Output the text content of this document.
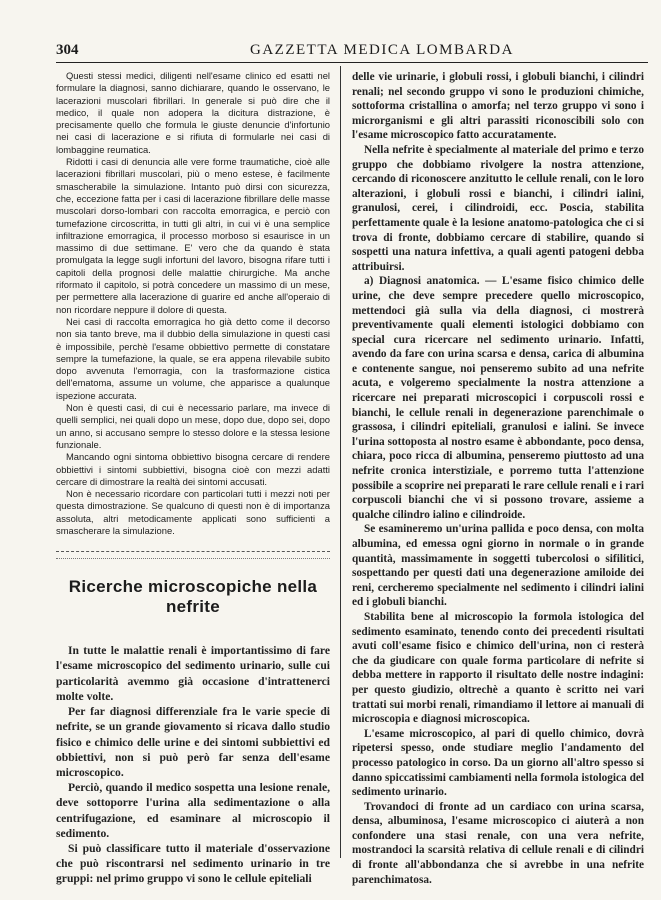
304	GAZZETTA MEDICA LOMBARDA

Questi stessi medici, diligenti nell'esame clinico ed esatti nel formulare la diagnosi, sanno dichiarare, quando le osservano, le lacerazioni muscolari fibrillari. In generale si può dire che il medico, il quale non adopera la dicitura distrazione, è precisamente quello che formula le giuste denuncie d'infortunio nei casi di lacerazione e si rifiuta di formularle nei casi di lombaggine reumatica.

Ridotti i casi di denuncia alle vere forme traumatiche, cioè alle lacerazioni fibrillari muscolari, più o meno estese, è facilmente smascherabile la simulazione. Intanto può dirsi con sicurezza, che, eccezione fatta per i casi di lacerazione fibrillare delle masse muscolari dorso-lombari con raccolta emorragica, e perciò con tumefazione circoscritta, in tutti gli altri, in cui vi è una semplice infiltrazione emorragica, il processo morboso si esaurisce in un massimo di due settimane. E' vero che da quando è stata promulgata la legge sugli infortuni del lavoro, bisogna rifare tutti i capitoli della prognosi delle malattie chirurgiche. Ma anche riformato il capitolo, si potrà concedere un massimo di un mese, per permettere alla lacerazione di guarire ed anche all'operaio di non ricordare neppure il dolore di questa.

Nei casi di raccolta emorragica ho già detto come il decorso non sia tanto breve, ma il dubbio della simulazione in questi casi è impossibile, perchè l'esame obbiettivo permette di constatare sempre la tumefazione, la quale, se era appena rilevabile subito dopo avvenuta l'emorragia, con la trasformazione cistica dell'ematoma, assume un volume, che apparisce a qualunque ispezione accurata.

Non è questi casi, di cui è necessario parlare, ma invece di quelli semplici, nei quali dopo un mese, dopo due, dopo sei, dopo un anno, si accusano sempre lo stesso dolore e la stessa lesione funzionale.

Mancando ogni sintoma obbiettivo bisogna cercare di rendere obbiettivi i sintomi subbiettivi, bisogna cioè con mezzi adatti cercare di dimostrare la realtà dei sintomi accusati.

Non è necessario ricordare con particolari tutti i mezzi noti per questa dimostrazione. Se qualcuno di questi non è di importanza assoluta, altri metodicamente applicati sono sufficienti a smascherare la simulazione.

Ricerche microscopiche nella nefrite

In tutte le malattie renali è importantissimo di fare l'esame microscopico del sedimento urinario, sulle cui particolarità avemmo già occasione d'intrattenerci molte volte.

Per far diagnosi differenziale fra le varie specie di nefrite, se un grande giovamento si ricava dallo studio fisico e chimico delle urine e dei sintomi subbiettivi ed obbiettivi, non si può però far senza dell'esame microscopico.

Perciò, quando il medico sospetta una lesione renale, deve sottoporre l'urina alla sedimentazione o alla centrifugazione, ed esaminare al microscopio il sedimento.

Si può classificare tutto il materiale d'osservazione che può riscontrarsi nel sedimento urinario in tre gruppi: nel primo gruppo vi sono le cellule epiteliali

delle vie urinarie, i globuli rossi, i globuli bianchi, i cilindri renali; nel secondo gruppo vi sono le produzioni chimiche, sottoforma cristallina o amorfa; nel terzo gruppo vi sono i microrganismi e gli altri parassiti riconoscibili solo con l'esame microscopico fatto accuratamente.

Nella nefrite è specialmente al materiale del primo e terzo gruppo che dobbiamo rivolgere la nostra attenzione, cercando di riconoscere anzitutto le cellule renali, con le loro alterazioni, i globuli rossi e bianchi, i cilindri ialini, granulosi, cerei, i cilindroidi, ecc. Poscia, stabilita perfettamente quale è la lesione anatomo-patologica che ci si trova di fronte, dobbiamo cercare di stabilire, quando si sospetti una natura infettiva, a quali agenti patogeni debba attribuirsi.

a) Diagnosi anatomica. — L'esame fisico chimico delle urine, che deve sempre precedere quello microscopico, mettendoci già sulla via della diagnosi, ci mostrerà preventivamente quali elementi istologici dobbiamo con special cura ricercare nel sedimento urinario. Infatti, avendo da fare con urina scarsa e densa, carica di albumina e contenente sangue, noi penseremo subito ad una nefrite acuta, e volgeremo specialmente la nostra attenzione a ricercare nei preparati microscopici i corpuscoli rossi e bianchi, le cellule renali in degenerazione parenchimale o grassosa, i cilindri epiteliali, granulosi e ialini. Se invece l'urina sottoposta al nostro esame è abbondante, poco densa, chiara, poco ricca di albumina, penseremo piuttosto ad una nefrite cronica interstiziale, e porremo tutta l'attenzione possibile a scoprire nei preparati le rare cellule renali e i rari corpuscoli bianchi che vi si possono trovare, assieme a qualche cilindro ialino e cilindroide.

Se esamineremo un'urina pallida e poco densa, con molta albumina, ed emessa ogni giorno in normale o in grande quantità, massimamente in soggetti tubercolosi o sifilitici, sospettando per questi dati una degenerazione amiloide dei reni, cercheremo specialmente nel sedimento i cilindri ialini ed i globuli bianchi.

Stabilita bene al microscopio la formola istologica del sedimento esaminato, tenendo conto dei precedenti risultati avuti coll'esame fisico e chimico dell'urina, non ci resterà che da giudicare con quale forma particolare di nefrite si debba mettere in rapporto il risultato delle nostre indagini: per questo giudizio, oltrechè a quanto è scritto nei vari trattati sui morbi renali, rimandiamo il lettore ai manuali di microscopia e diagnosi microscopica.

L'esame microscopico, al pari di quello chimico, dovrà ripetersi spesso, onde studiare meglio l'andamento del processo patologico in corso. Da un giorno all'altro spesso si danno spiccatissimi cambiamenti nella formola istologica del sedimento urinario.

Trovandoci di fronte ad un cardiaco con urina scarsa, densa, albuminosa, l'esame microscopico ci aiuterà a non confondere una stasi renale, con una vera nefrite, mostrandoci la scarsità relativa di cellule renali e di cilindri di fronte all'abbondanza che si avrebbe in una nefrite parenchimatosa.
